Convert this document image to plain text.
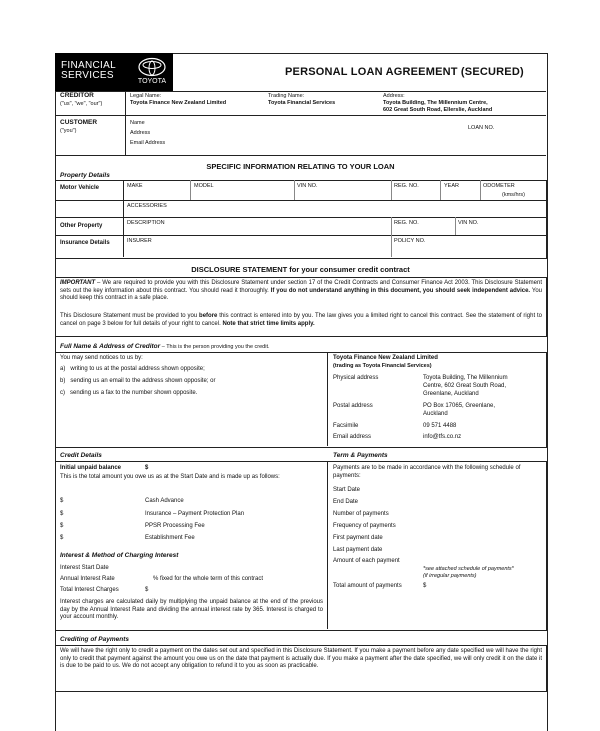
FINANCIAL
SERVICES
TOYOTA
PERSONAL LOAN AGREEMENT (SECURED)
CREDITOR
("us", "we", "our")
Legal Name:
Toyota Finance New Zealand Limited
Trading Name:
Toyota Financial Services
Address:
Toyota Building, The Millennium Centre,
602 Great South Road, Ellerslie, Auckland
CUSTOMER
("you")
Name
Address
Email Address
LOAN NO.
SPECIFIC INFORMATION RELATING TO YOUR LOAN
Property Details
Motor Vehicle	MAKE	MODEL	VIN NO.	REG. NO.	YEAR	ODOMETER
(kms/hrs)
ACCESSORIES
Other Property	DESCRIPTION	REG. NO.	VIN NO.
Insurance Details	INSURER	POLICY NO.
DISCLOSURE STATEMENT for your consumer credit contract
IMPORTANT – We are required to provide you with this Disclosure Statement under section 17 of the Credit Contracts and Consumer Finance Act 2003. This Disclosure Statement sets out the key information about this contract. You should read it thoroughly. If you do not understand anything in this document, you should seek independent advice. You should keep this contract in a safe place.
This Disclosure Statement must be provided to you before this contract is entered into by you. The law gives you a limited right to cancel this contract. See the statement of right to cancel on page 3 below for full details of your right to cancel. Note that strict time limits apply.
Full Name & Address of Creditor – This is the person providing you the credit.
You may send notices to us by:
a) writing to us at the postal address shown opposite;
b) sending us an email to the address shown opposite; or
c) sending us a fax to the number shown opposite.
Toyota Finance New Zealand Limited
(trading as Toyota Financial Services)
Physical address	Toyota Building, The Millennium
Centre, 602 Great South Road,
Greenlane, Auckland
Postal address	PO Box 17065, Greenlane,
Auckland
Facsimile	09 571 4488
Email address	info@tfs.co.nz
Credit Details	Term & Payments
Initial unpaid balance	$
This is the total amount you owe us as at the Start Date and is made up as follows:
$	Cash Advance
$	Insurance – Payment Protection Plan
$	PPSR Processing Fee
$	Establishment Fee
Interest & Method of Charging Interest
Interest Start Date
Annual Interest Rate	% fixed for the whole term of this contract
Total Interest Charges	$
Interest charges are calculated daily by multiplying the unpaid balance at the end of the previous day by the Annual Interest Rate and dividing the annual interest rate by 365. Interest is charged to your account monthly.
Payments are to be made in accordance with the following schedule of payments:
Start Date
End Date
Number of payments
Frequency of payments
First payment date
Last payment date
Amount of each payment
*see attached schedule of payments*
(if irregular payments)
Total amount of payments	$
Crediting of Payments
We will have the right only to credit a payment on the dates set out and specified in this Disclosure Statement. If you make a payment before any date specified we will have the right only to credit that payment against the amount you owe us on the date that payment is actually due. If you make a payment after the date specified, we will only credit it on the date it is due to be paid to us. We do not accept any obligation to refund it to you as soon as practicable.
